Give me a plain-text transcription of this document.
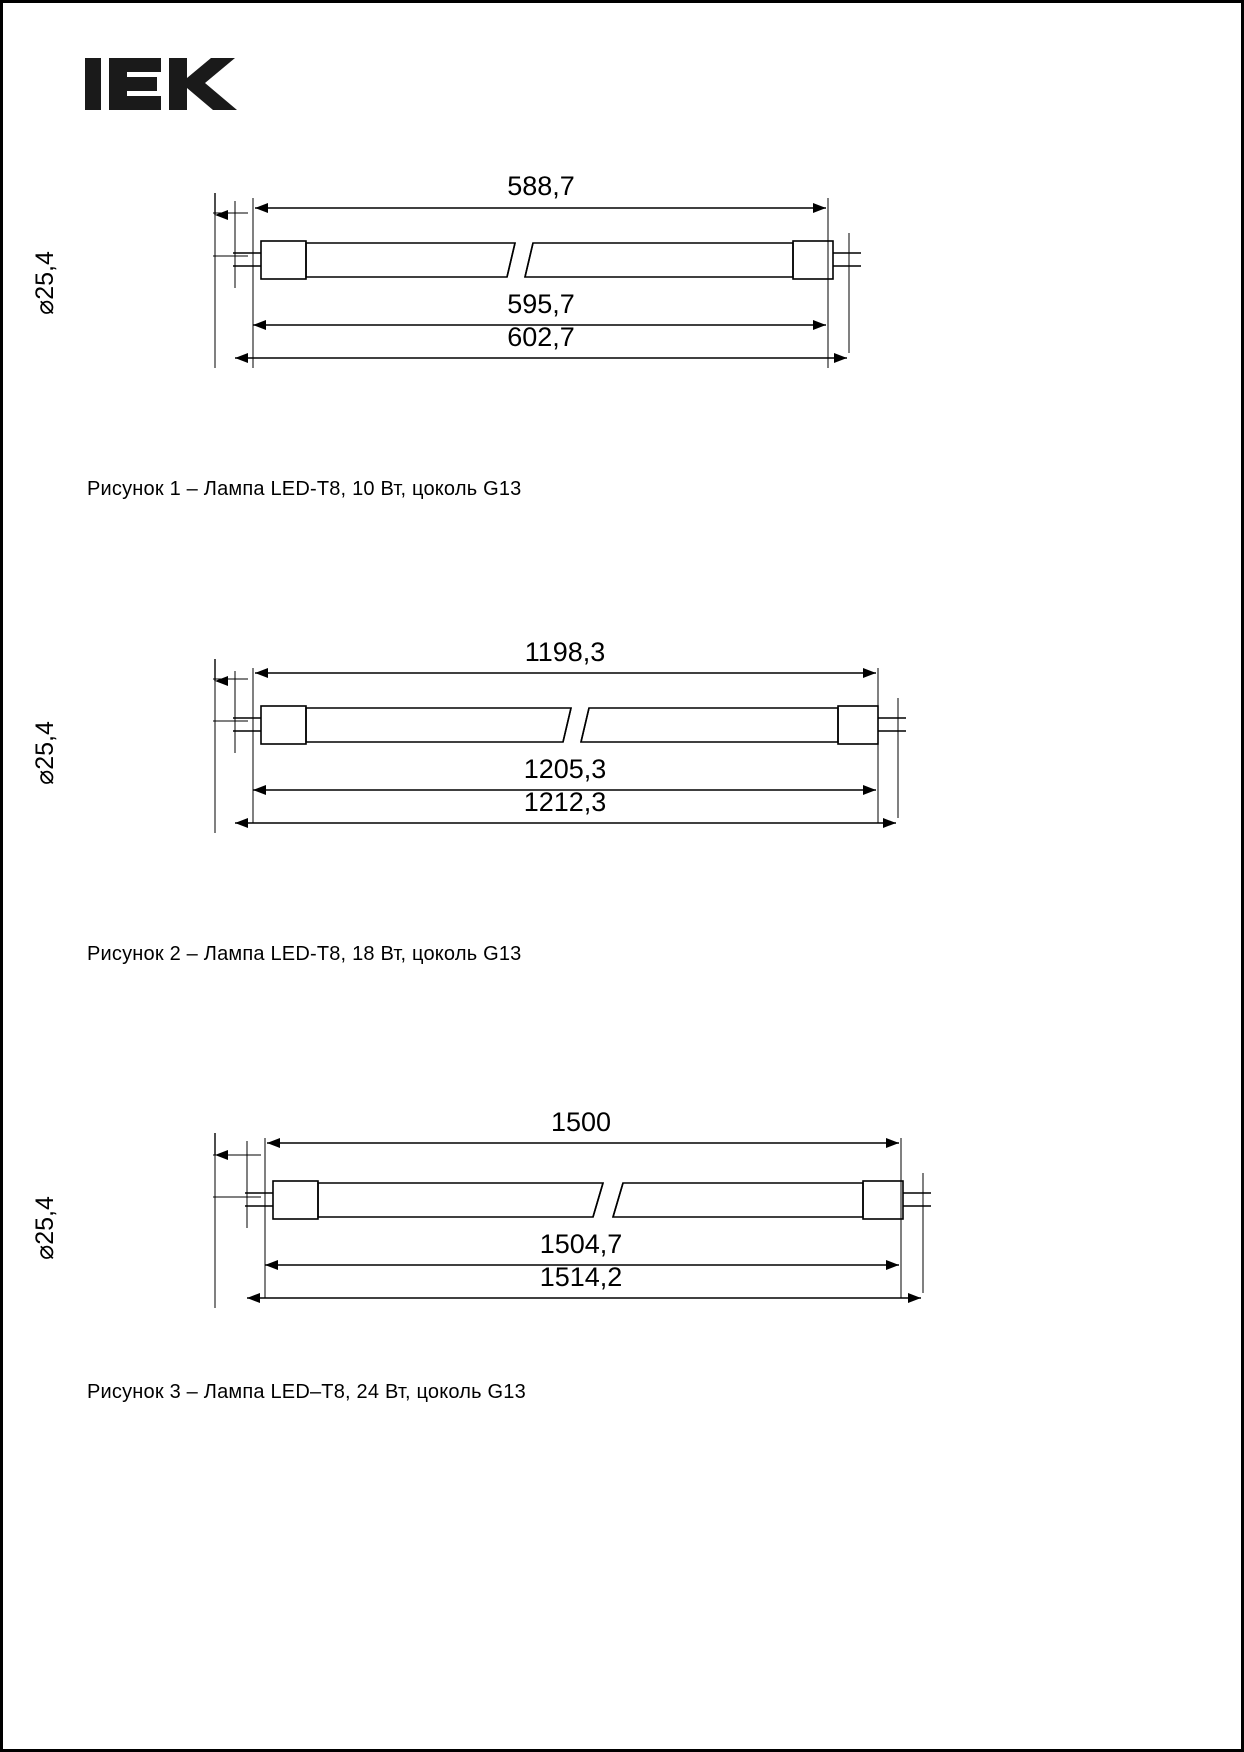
⌀25,4
588,7
595,7
602,7
Рисунок 1 – Лампа LED-T8, 10 Вт, цоколь G13
⌀25,4
1198,3
1205,3
1212,3
Рисунок 2 – Лампа LED-T8, 18 Вт, цоколь G13
⌀25,4
1500
1504,7
1514,2
Рисунок 3 – Лампа LED–T8, 24 Вт, цоколь G13
